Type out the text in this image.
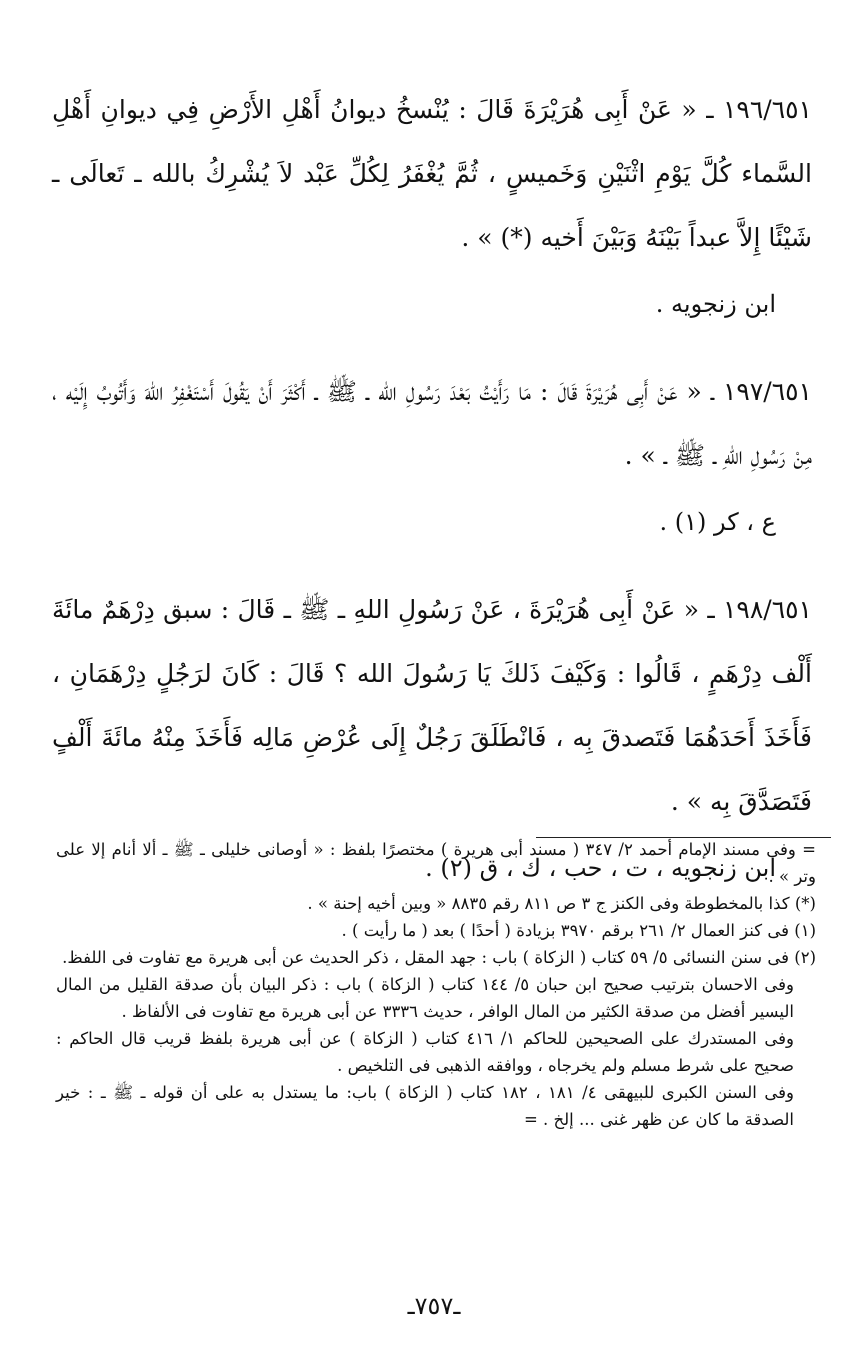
١٩٦/٦٥١ ـ « عَنْ أَبِى هُرَيْرَةَ قَالَ : يُنْسخُ ديوانُ أَهْلِ الأَرْضِ فِي ديوانِ أَهْلِ السَّماء كُلَّ يَوْمِ اثْنَيْنِ وَخَميسٍ ، ثُمَّ يُغْفَرُ لِكُلِّ عَبْد لاَ يُشْرِكُ بالله ـ تَعالَى ـ شَيْئًا إِلاَّ عبداً بَيْنَهُ وَبَيْنَ أَخيه (*) » .

ابن زنجويه .

١٩٧/٦٥١ ـ « عَنْ أَبِى هُرَيْرَةَ قَالَ : مَا رَأَيْتُ بَعْدَ رَسُولِ الله ـ ﷺ ـ أَكْثَرَ أَنْ يَقُولَ أَسْتَغْفِرُ اللهَ وَأَتُوبُ إِلَيْه ، مِنْ رَسُولِ اللهِ ـ ﷺ ـ » .

ع ، كر (١) .

١٩٨/٦٥١ ـ « عَنْ أَبِى هُرَيْرَةَ ، عَنْ رَسُولِ اللهِ ـ ﷺ ـ قَالَ : سبق دِرْهَمٌ مائَةَ أَلْف دِرْهَمٍ ، قَالُوا : وَكَيْفَ ذَلكَ يَا رَسُولَ الله ؟ قَالَ : كَانَ لرَجُلٍ دِرْهَمَانِ ، فَأَخَذَ أَحَدَهُمَا فَتَصدقَ بِه ، فَانْطَلَقَ رَجُلٌ إِلَى عُرْضِ مَالِه فَأَخَذَ مِنْهُ مائَةَ أَلْفٍ فَتَصَدَّقَ بِه » .

ابن زنجويه ، ت ، حب ، ك ، ق (٢) .

= وفى مسند الإمام أحمد ٢/ ٣٤٧ ( مسند أبى هريرة ) مختصرًا بلفظ : « أوصانى خليلى ـ ﷺ ـ ألا أنام إلا على وتر » .

(*) كذا بالمخطوطة وفى الكنز ج ٣ ص ٨١١ رقم ٨٨٣٥ « وبين أخيه إحنة » .

(١) فى كنز العمال ٢/ ٢٦١ برقم ٣٩٧٠ بزيادة ( أحدًا ) بعد ( ما رأيت ) .

(٢) فى سنن النسائى ٥/ ٥٩ كتاب ( الزكاة ) باب : جهد المقل ، ذكر الحديث عن أبى هريرة مع تفاوت فى اللفظ.

وفى الاحسان بترتيب صحيح ابن حبان ٥/ ١٤٤ كتاب ( الزكاة ) باب : ذكر البيان بأن صدقة القليل من المال اليسير أفضل من صدقة الكثير من المال الوافر ، حديث ٣٣٣٦ عن أبى هريرة مع تفاوت فى الألفاظ .

وفى المستدرك على الصحيحين للحاكم ١/ ٤١٦ كتاب ( الزكاة ) عن أبى هريرة بلفظ قريب قال الحاكم : صحيح على شرط مسلم ولم يخرجاه ، ووافقه الذهبى فى التلخيص .

وفى السنن الكبرى للبيهقى ٤/ ١٨١ ، ١٨٢ كتاب ( الزكاة ) باب: ما يستدل به على أن قوله ـ ﷺ ـ : خير الصدقة ما كان عن ظهر غنى ... إلخ . =

ـ٧٥٧ـ
